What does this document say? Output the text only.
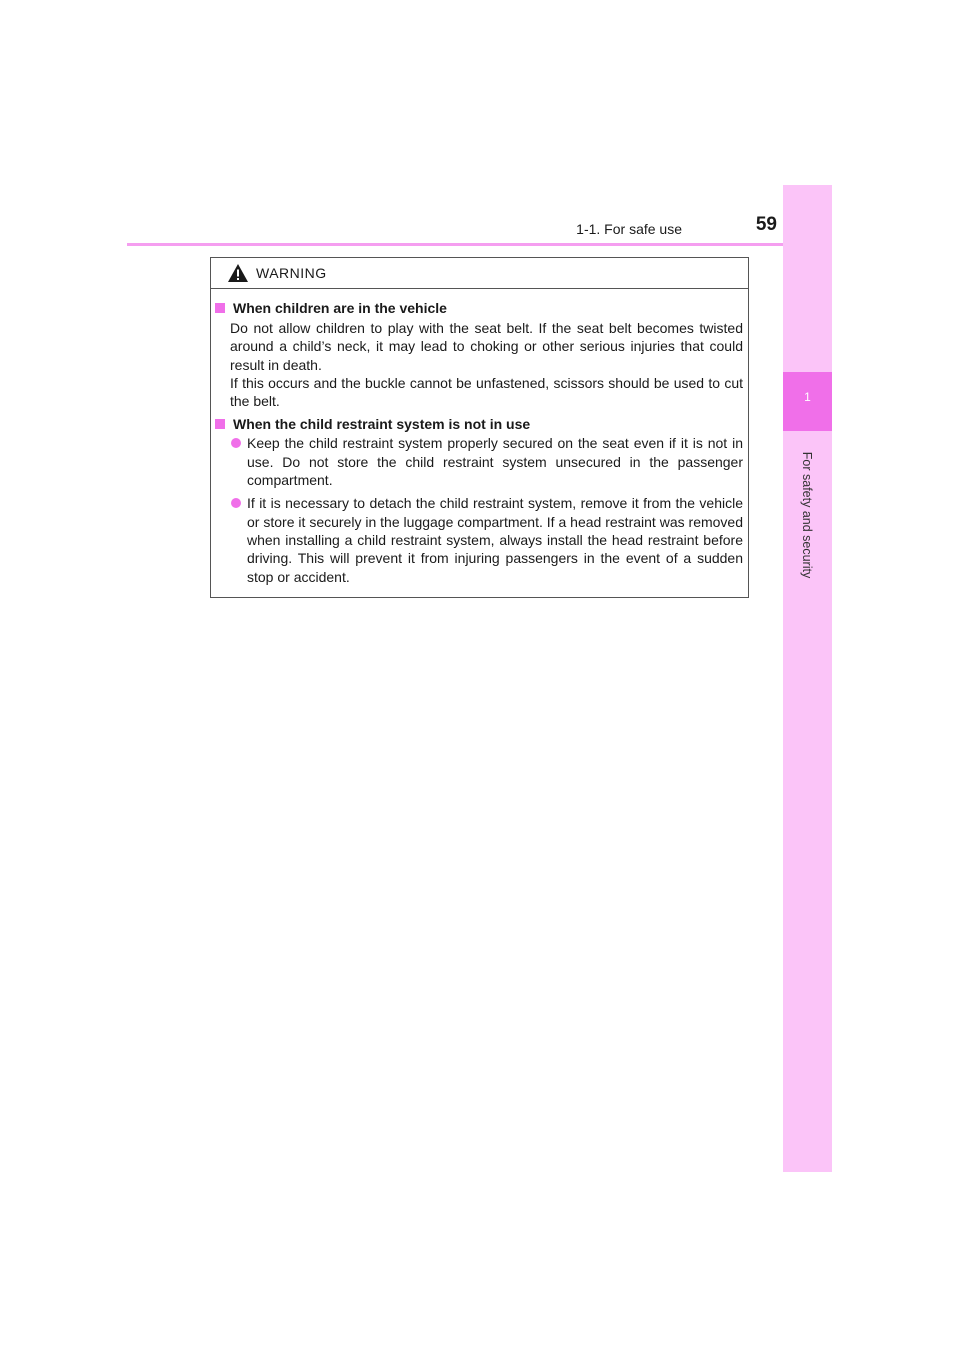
1-1. For safe use	59
1
For safety and security
WARNING
When children are in the vehicle

Do not allow children to play with the seat belt. If the seat belt becomes twisted around a child’s neck, it may lead to choking or other serious injuries that could result in death.

If this occurs and the buckle cannot be unfastened, scissors should be used to cut the belt.

When the child restraint system is not in use
Keep the child restraint system properly secured on the seat even if it is not in use. Do not store the child restraint system unsecured in the passenger compartment.
If it is necessary to detach the child restraint system, remove it from the vehicle or store it securely in the luggage compartment. If a head restraint was removed when installing a child restraint system, always install the head restraint before driving. This will prevent it from injuring passengers in the event of a sudden stop or accident.
